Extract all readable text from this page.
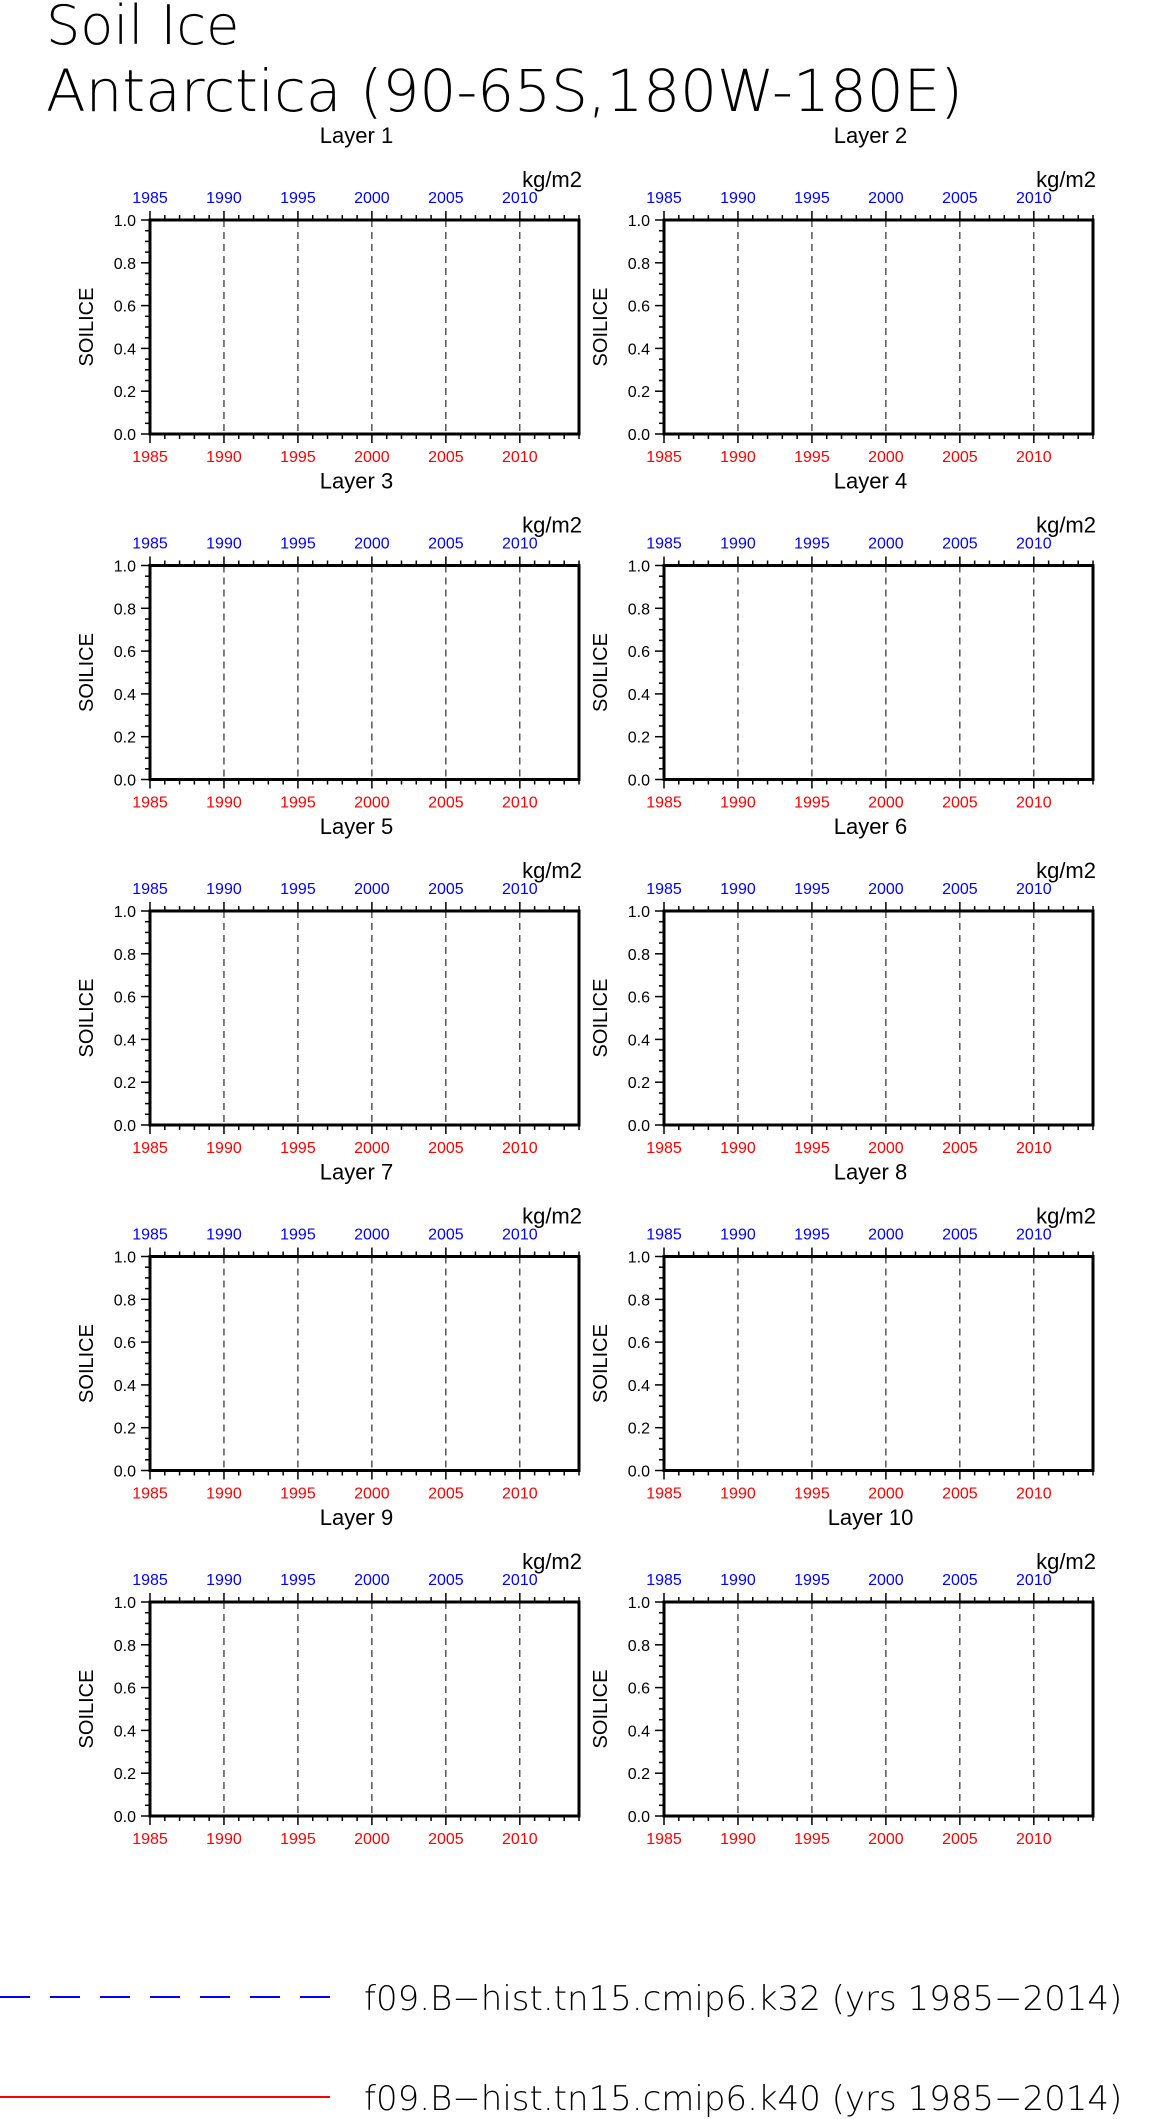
Soil Ice
Antarctica (90-65S,180W-180E)
Layer 1
kg/m2
SOILICE
1985
1985
1990
1990
1995
1995
2000
2000
2005
2005
2010
2010
0.0
0.2
0.4
0.6
0.8
1.0
Layer 2
kg/m2
SOILICE
1985
1985
1990
1990
1995
1995
2000
2000
2005
2005
2010
2010
0.0
0.2
0.4
0.6
0.8
1.0
Layer 3
kg/m2
SOILICE
1985
1985
1990
1990
1995
1995
2000
2000
2005
2005
2010
2010
0.0
0.2
0.4
0.6
0.8
1.0
Layer 4
kg/m2
SOILICE
1985
1985
1990
1990
1995
1995
2000
2000
2005
2005
2010
2010
0.0
0.2
0.4
0.6
0.8
1.0
Layer 5
kg/m2
SOILICE
1985
1985
1990
1990
1995
1995
2000
2000
2005
2005
2010
2010
0.0
0.2
0.4
0.6
0.8
1.0
Layer 6
kg/m2
SOILICE
1985
1985
1990
1990
1995
1995
2000
2000
2005
2005
2010
2010
0.0
0.2
0.4
0.6
0.8
1.0
Layer 7
kg/m2
SOILICE
1985
1985
1990
1990
1995
1995
2000
2000
2005
2005
2010
2010
0.0
0.2
0.4
0.6
0.8
1.0
Layer 8
kg/m2
SOILICE
1985
1985
1990
1990
1995
1995
2000
2000
2005
2005
2010
2010
0.0
0.2
0.4
0.6
0.8
1.0
Layer 9
kg/m2
SOILICE
1985
1985
1990
1990
1995
1995
2000
2000
2005
2005
2010
2010
0.0
0.2
0.4
0.6
0.8
1.0
Layer 10
kg/m2
SOILICE
1985
1985
1990
1990
1995
1995
2000
2000
2005
2005
2010
2010
0.0
0.2
0.4
0.6
0.8
1.0
f09.B−hist.tn15.cmip6.k32 (yrs 1985−2014)
f09.B−hist.tn15.cmip6.k40 (yrs 1985−2014)
